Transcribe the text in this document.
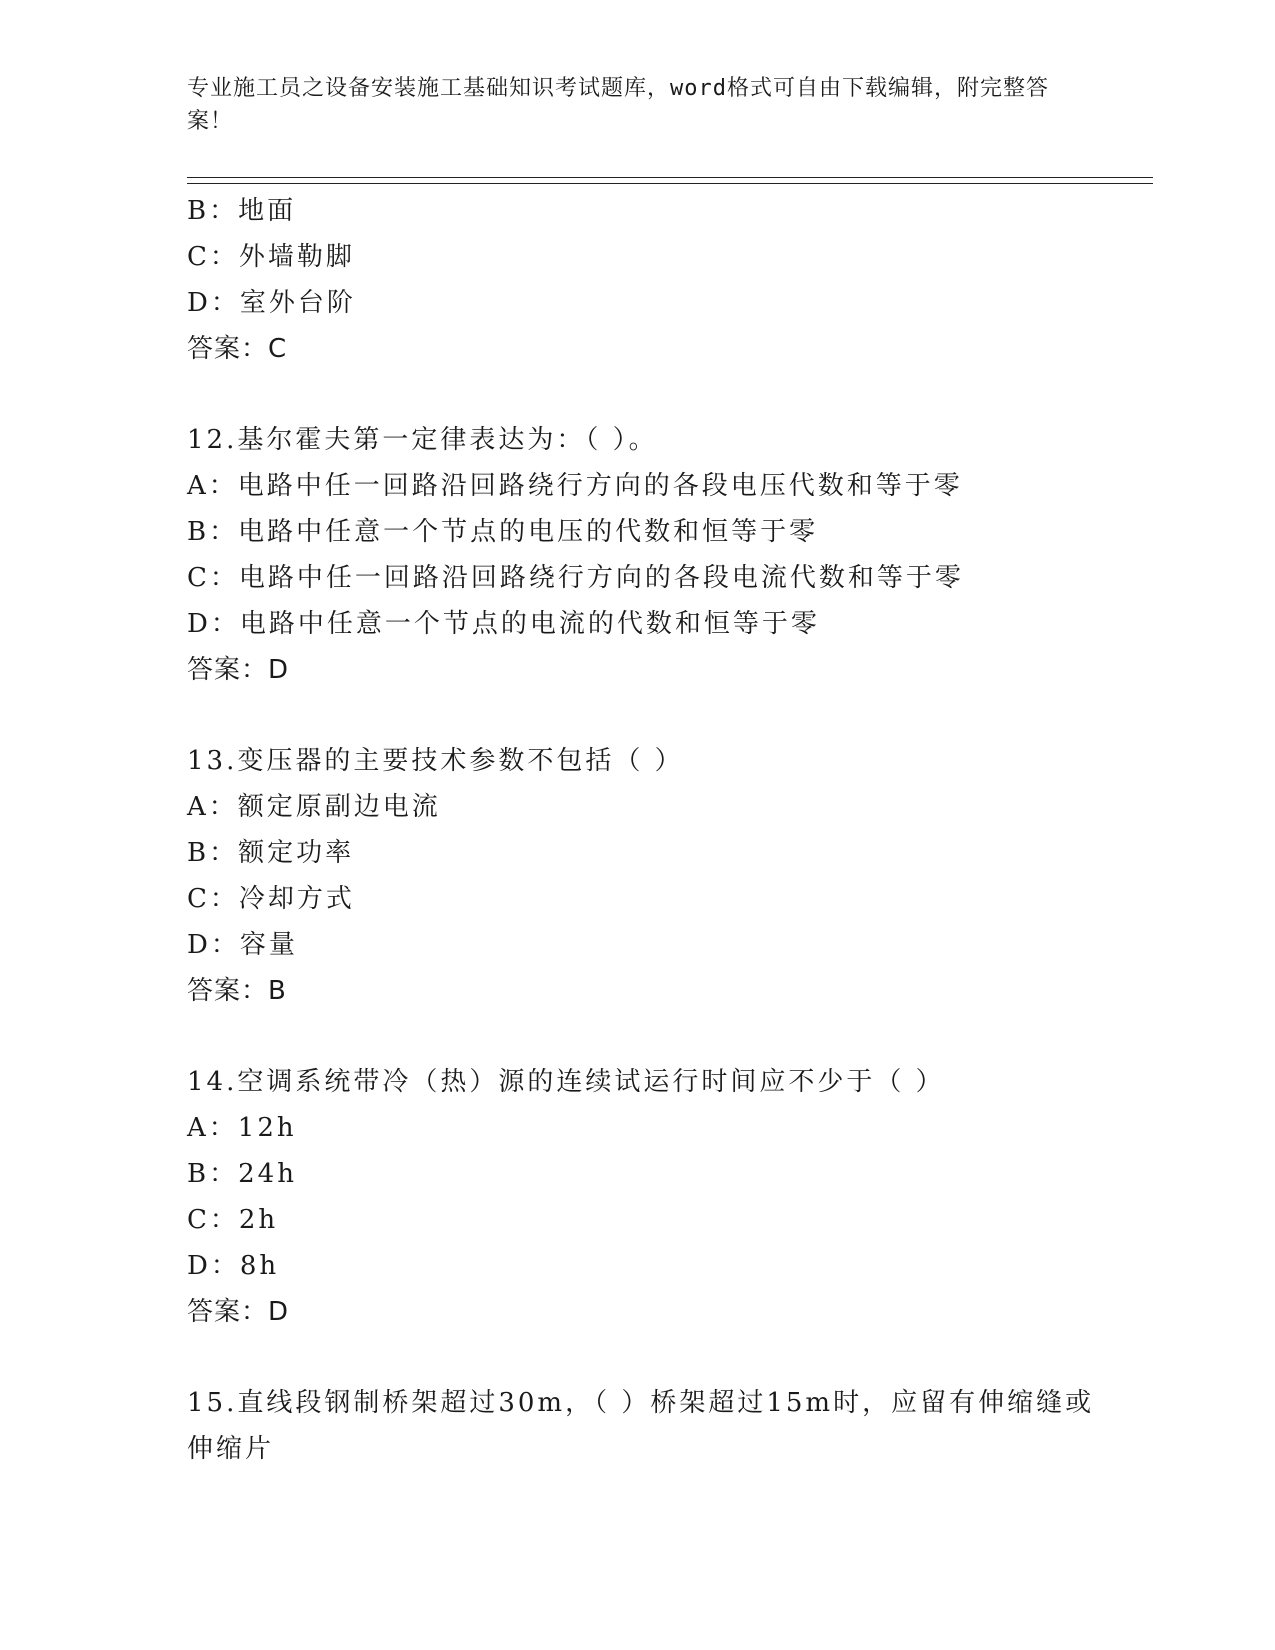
专业施工员之设备安装施工基础知识考试题库，word格式可自由下载编辑，附完整答案！
B：地面
C：外墙勒脚
D：室外台阶
答案：C
12.基尔霍夫第一定律表达为：（ ）。
A：电路中任一回路沿回路绕行方向的各段电压代数和等于零
B：电路中任意一个节点的电压的代数和恒等于零
C：电路中任一回路沿回路绕行方向的各段电流代数和等于零
D：电路中任意一个节点的电流的代数和恒等于零
答案：D
13.变压器的主要技术参数不包括（ ）
A：额定原副边电流
B：额定功率
C：冷却方式
D：容量
答案：B
14.空调系统带冷（热）源的连续试运行时间应不少于（ ）
A：12h
B：24h
C：2h
D：8h
答案：D
15.直线段钢制桥架超过30m，（ ）桥架超过15m时，应留有伸缩缝或
伸缩片
